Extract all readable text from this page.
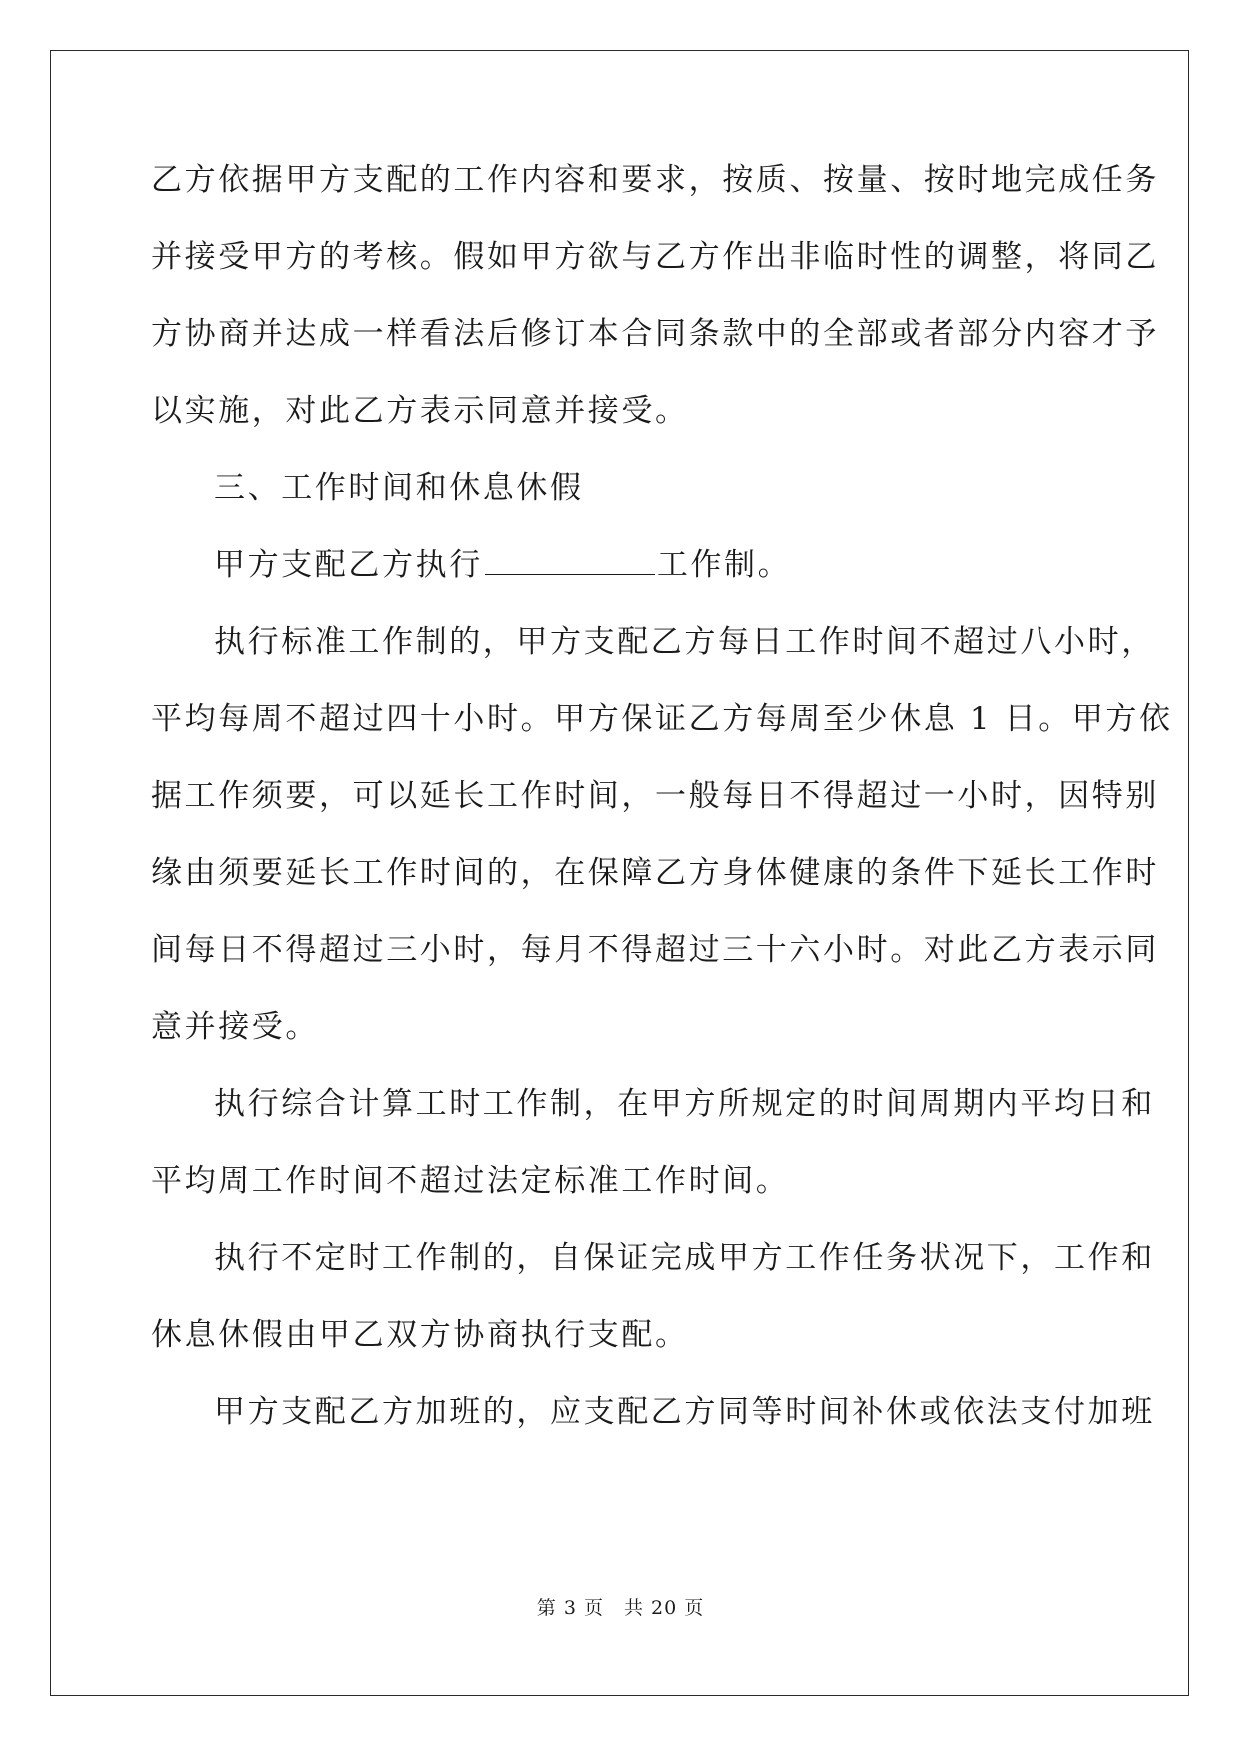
乙方依据甲方支配的工作内容和要求，按质、按量、按时地完成任务
并接受甲方的考核。假如甲方欲与乙方作出非临时性的调整，将同乙
方协商并达成一样看法后修订本合同条款中的全部或者部分内容才予
以实施，对此乙方表示同意并接受。
三、工作时间和休息休假
甲方支配乙方执行	工作制。
执行标准工作制的，甲方支配乙方每日工作时间不超过八小时，
平均每周不超过四十小时。甲方保证乙方每周至少休息 1 日。甲方依
据工作须要，可以延长工作时间，一般每日不得超过一小时，因特别
缘由须要延长工作时间的，在保障乙方身体健康的条件下延长工作时
间每日不得超过三小时，每月不得超过三十六小时。对此乙方表示同
意并接受。
执行综合计算工时工作制，在甲方所规定的时间周期内平均日和
平均周工作时间不超过法定标准工作时间。
执行不定时工作制的，自保证完成甲方工作任务状况下，工作和
休息休假由甲乙双方协商执行支配。
甲方支配乙方加班的，应支配乙方同等时间补休或依法支付加班
第 3 页 共 20 页
